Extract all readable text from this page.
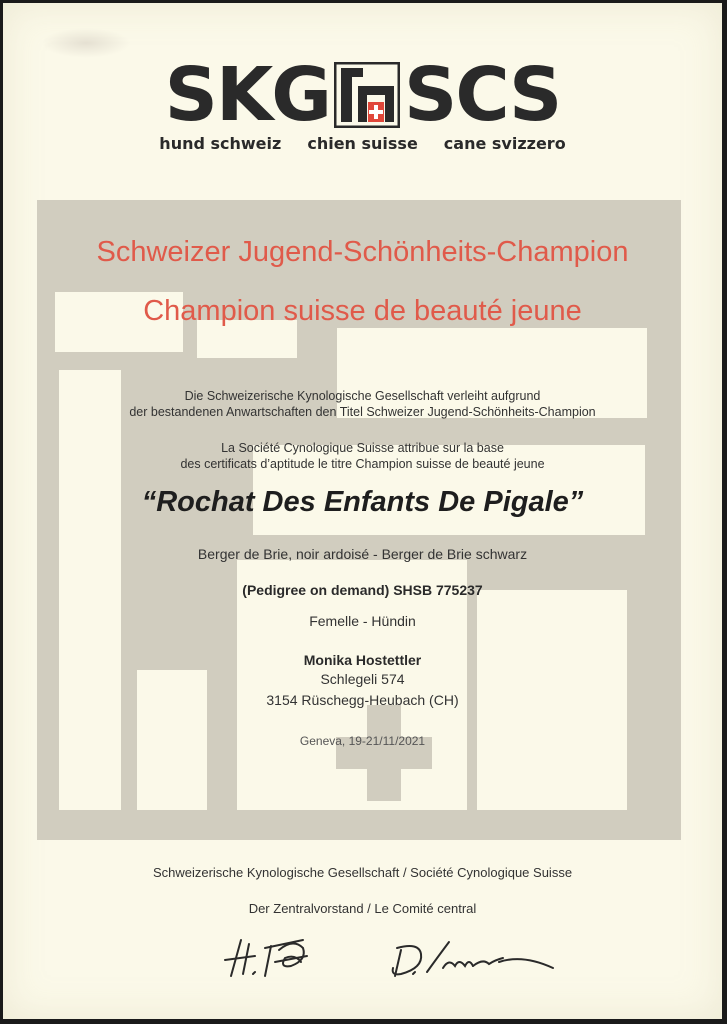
SKG SCS
hund schweiz chien suisse cane svizzero
Schweizer Jugend-Schönheits-Champion
Champion suisse de beauté jeune
Die Schweizerische Kynologische Gesellschaft verleiht aufgrund
der bestandenen Anwartschaften den Titel Schweizer Jugend-Schönheits-Champion
La Société Cynologique Suisse attribue sur la base
des certificats d’aptitude le titre Champion suisse de beauté jeune
“Rochat Des Enfants De Pigale”
Berger de Brie, noir ardoisé - Berger de Brie schwarz
(Pedigree on demand) SHSB 775237
Femelle - Hündin
Monika Hostettler
Schlegeli 574
3154 Rüschegg-Heubach (CH)
Geneva, 19-21/11/2021
Schweizerische Kynologische Gesellschaft / Société Cynologique Suisse
Der Zentralvorstand / Le Comité central
